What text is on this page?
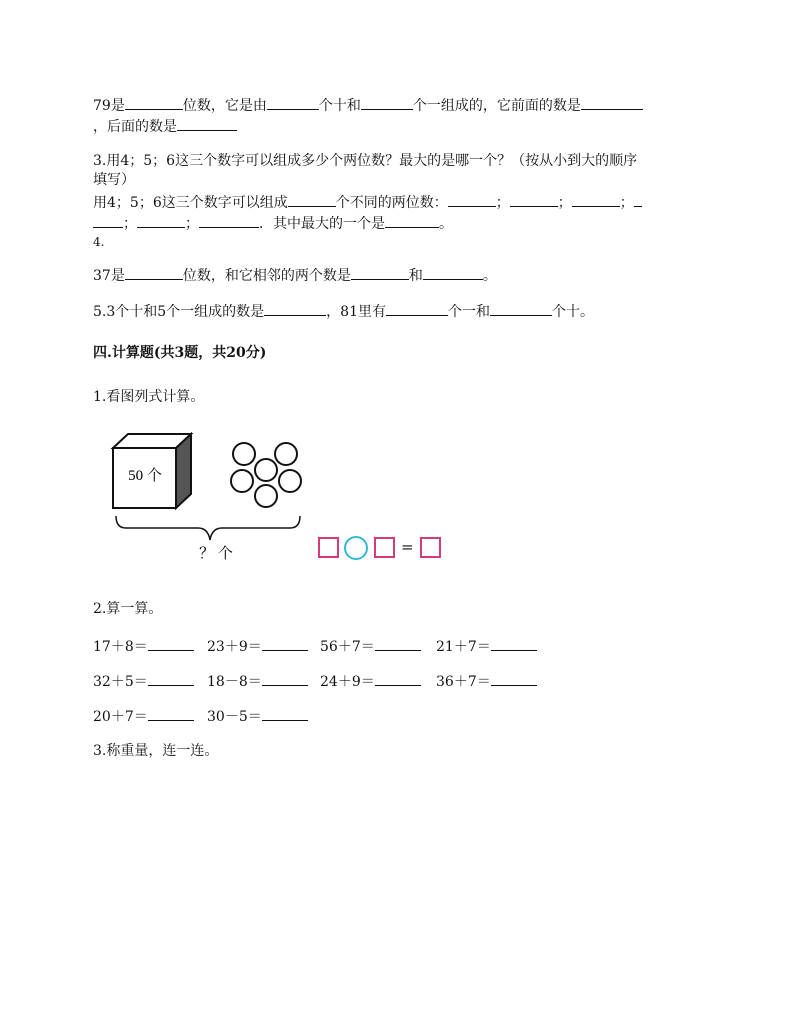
79是	位数，它是由	个十和	个一组成的，它前面的数是
，后面的数是
3.用4；5；6这三个数字可以组成多少个两位数？最大的是哪一个？（按从小到大的顺序
填写）
用4；5；6这三个数字可以组成	个不同的两位数：	；	；	；
；	；	．其中最大的一个是	。
4.
37是	位数，和它相邻的两个数是	和	。
5.3个十和5个一组成的数是	，81里有	个一和	个十。
四.计算题(共3题，共20分)
1.看图列式计算。
50 个
？ 个	=
2.算一算。
17＋8＝	23＋9＝	56＋7＝	21＋7＝
32＋5＝	18－8＝	24＋9＝	36＋7＝
20＋7＝	30－5＝
3.称重量，连一连。
